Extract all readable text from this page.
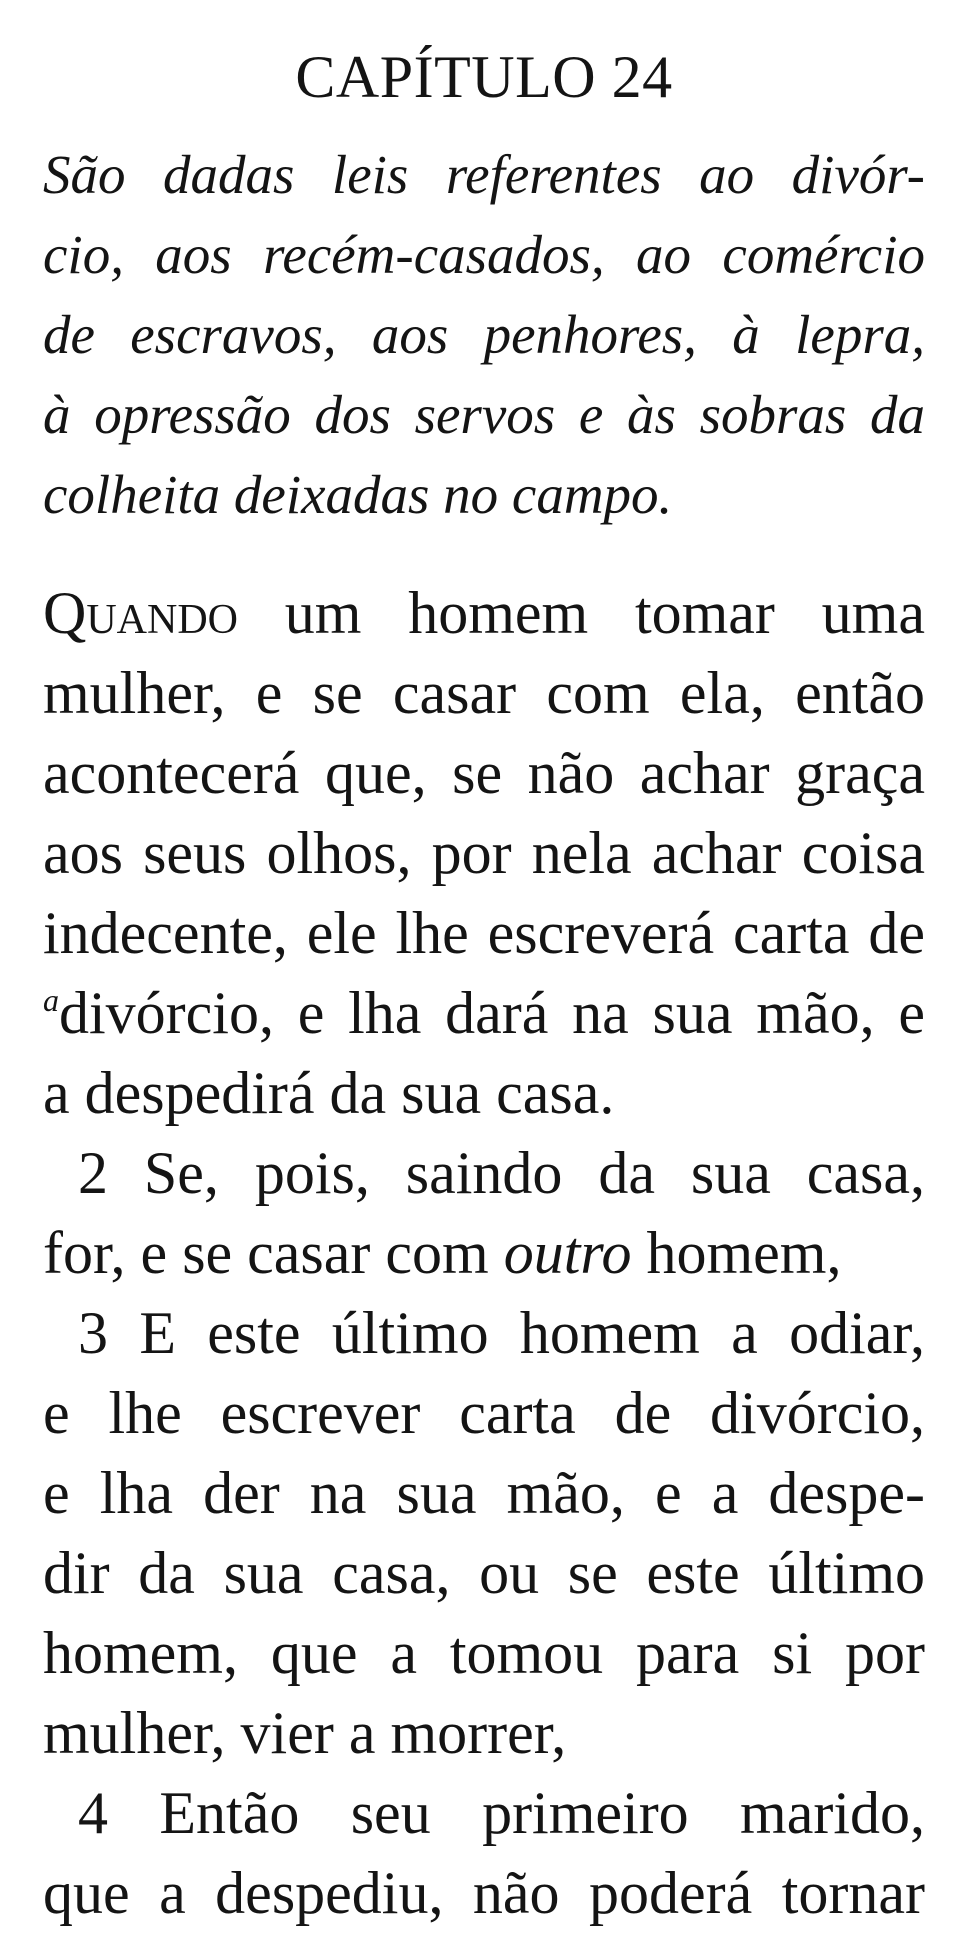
CAPÍTULO 24
São dadas leis referentes ao divór-
cio, aos recém-casados, ao comércio
de escravos, aos penhores, à lepra,
à opressão dos servos e às sobras da
colheita deixadas no campo.
Quando um homem tomar uma
mulher, e se casar com ela, então
acontecerá que, se não achar graça
aos seus olhos, por nela achar coisa
indecente, ele lhe escreverá carta de
$^a$divórcio, e lha dará na sua mão, e
a despedirá da sua casa.
2 Se, pois, saindo da sua casa,
for, e se casar com outro homem,
3 E este último homem a odiar,
e lhe escrever carta de divórcio,
e lha der na sua mão, e a despe-
dir da sua casa, ou se este último
homem, que a tomou para si por
mulher, vier a morrer,
4 Então seu primeiro marido,
que a despediu, não poderá tornar
